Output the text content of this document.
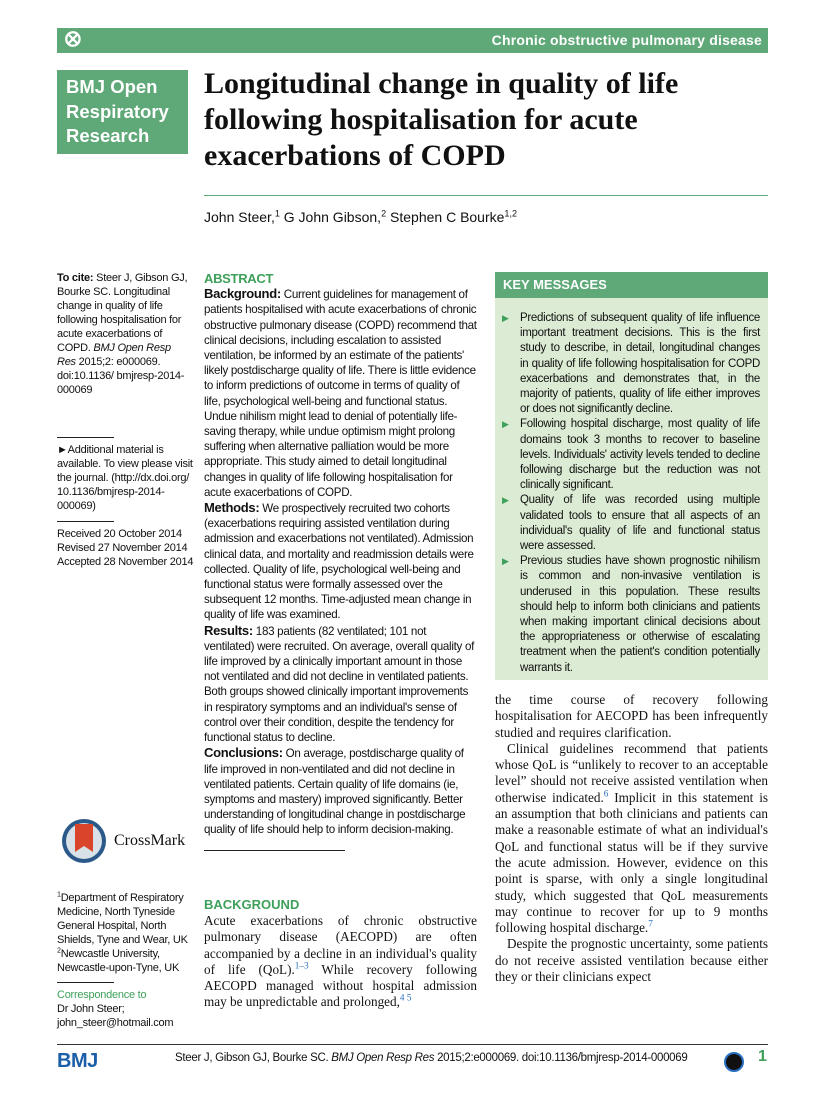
⭙	Chronic obstructive pulmonary disease
BMJ Open
Respiratory
Research
Longitudinal change in quality of life following hospitalisation for acute exacerbations of COPD
John Steer,$^1$ G John Gibson,$^2$ Stephen C Bourke$^{1,2}$
To cite: Steer J, Gibson GJ, Bourke SC. Longitudinal change in quality of life following hospitalisation for acute exacerbations of COPD. BMJ Open Resp Res 2015;2: e000069. doi:10.1136/ bmjresp-2014-000069
►Additional material is available. To view please visit the journal. (http://dx.doi.org/ 10.1136/bmjresp-2014- 000069)
Received 20 October 2014
Revised 27 November 2014
Accepted 28 November 2014
CrossMark
$^1$Department of Respiratory Medicine, North Tyneside General Hospital, North Shields, Tyne and Wear, UK
$^2$Newcastle University, Newcastle-upon-Tyne, UK
Correspondence to
Dr John Steer;
john_steer@hotmail.com
ABSTRACT
Background: Current guidelines for management of patients hospitalised with acute exacerbations of chronic obstructive pulmonary disease (COPD) recommend that clinical decisions, including escalation to assisted ventilation, be informed by an estimate of the patients' likely postdischarge quality of life. There is little evidence to inform predictions of outcome in terms of quality of life, psychological well-being and functional status. Undue nihilism might lead to denial of potentially life-saving therapy, while undue optimism might prolong suffering when alternative palliation would be more appropriate. This study aimed to detail longitudinal changes in quality of life following hospitalisation for acute exacerbations of COPD.
Methods: We prospectively recruited two cohorts (exacerbations requiring assisted ventilation during admission and exacerbations not ventilated). Admission clinical data, and mortality and readmission details were collected. Quality of life, psychological well-being and functional status were formally assessed over the subsequent 12 months. Time-adjusted mean change in quality of life was examined.
Results: 183 patients (82 ventilated; 101 not ventilated) were recruited. On average, overall quality of life improved by a clinically important amount in those not ventilated and did not decline in ventilated patients. Both groups showed clinically important improvements in respiratory symptoms and an individual's sense of control over their condition, despite the tendency for functional status to decline.
Conclusions: On average, postdischarge quality of life improved in non-ventilated and did not decline in ventilated patients. Certain quality of life domains (ie, symptoms and mastery) improved significantly. Better understanding of longitudinal change in postdischarge quality of life should help to inform decision-making.
KEY MESSAGES
▶ Predictions of subsequent quality of life influence important treatment decisions. This is the first study to describe, in detail, longitudinal changes in quality of life following hospitalisation for COPD exacerbations and demonstrates that, in the majority of patients, quality of life either improves or does not significantly decline.
▶ Following hospital discharge, most quality of life domains took 3 months to recover to baseline levels. Individuals' activity levels tended to decline following discharge but the reduction was not clinically significant.
▶ Quality of life was recorded using multiple validated tools to ensure that all aspects of an individual's quality of life and functional status were assessed.
▶ Previous studies have shown prognostic nihilism is common and non-invasive ventilation is underused in this population. These results should help to inform both clinicians and patients when making important clinical decisions about the appropriateness or otherwise of escalating treatment when the patient's condition potentially warrants it.
BACKGROUND
Acute exacerbations of chronic obstructive pulmonary disease (AECOPD) are often accompanied by a decline in an individual's quality of life (QoL).$^{1-3}$ While recovery following AECOPD managed without hospital admission may be unpredictable and prolonged,$^{4 5}$

the time course of recovery following hospitalisation for AECOPD has been infrequently studied and requires clarification.

Clinical guidelines recommend that patients whose QoL is “unlikely to recover to an acceptable level” should not receive assisted ventilation when otherwise indicated.$^6$ Implicit in this statement is an assumption that both clinicians and patients can make a reasonable estimate of what an individual's QoL and functional status will be if they survive the acute admission. However, evidence on this point is sparse, with only a single longitudinal study, which suggested that QoL measurements may continue to recover for up to 9 months following hospital discharge.$^7$

Despite the prognostic uncertainty, some patients do not receive assisted ventilation because either they or their clinicians expect

BMJ	Steer J, Gibson GJ, Bourke SC. BMJ Open Resp Res 2015;2:e000069. doi:10.1136/bmjresp-2014-000069	1
